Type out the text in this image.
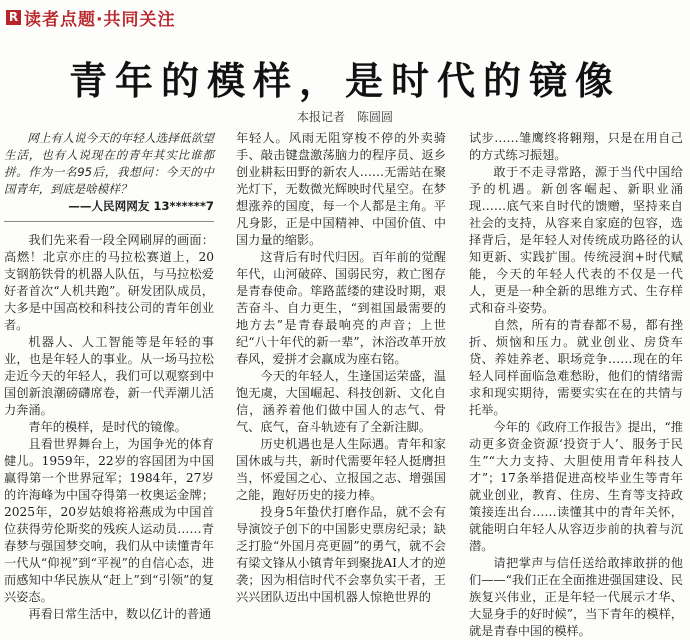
R 读者点题·共同关注
青年的模样，是时代的镜像
本报记者　陈圆圆
网上有人说今天的年轻人选择低欲望生活，也有人说现在的青年其实比谁都拼。作为一名95后，我想问：今天的中国青年，到底是啥模样？
——人民网网友 13******7

我们先来看一段全网刷屏的画面：高燃！北京亦庄的马拉松赛道上，20支钢筋铁骨的机器人队伍，与马拉松爱好者首次“人机共跑”。研发团队成员，大多是中国高校和科技公司的青年创业者。

机器人、人工智能等是年轻的事业，也是年轻人的事业。从一场马拉松走近今天的年轻人，我们可以观察到中国创新浪潮磅礴席卷，新一代弄潮儿活力奔涌。

青年的模样，是时代的镜像。

且看世界舞台上，为国争光的体育健儿。1959年，22岁的容国团为中国赢得第一个世界冠军；1984年，27岁的许海峰为中国夺得第一枚奥运金牌；2025年，20岁姑娘将裕燕成为中国首位获得劳伦斯奖的残疾人运动员……青春梦与强国梦交响，我们从中读懂青年一代从“仰视”到“平视”的自信心态，进而感知中华民族从“赶上”到“引领”的复兴姿态。

再看日常生活中，数以亿计的普通

年轻人。风雨无阻穿梭不停的外卖骑手、敲击键盘激荡脑力的程序员、返乡创业耕耘田野的新农人……无需站在聚光灯下，无数微光辉映时代星空。在梦想涨养的国度，每一个人都是主角。平凡身影，正是中国精神、中国价值、中国力量的缩影。

这背后有时代归因。百年前的觉醒年代，山河破碎、国弱民穷，救亡图存是青春使命。筚路蓝缕的建设时期，艰苦奋斗、自力更生，“到祖国最需要的地方去”是青春最响亮的声音；上世纪“八十年代的新一辈”，沐浴改革开放春风，爱拼才会赢成为座右铭。

今天的年轻人，生逢国运荣盛，温饱无虞，大国崛起、科技创新、文化自信，涵养着他们做中国人的志气、骨气、底气，奋斗轨迹有了全新注脚。

历史机遇也是人生际遇。青年和家国休戚与共，新时代需要年轻人挺膺担当，怀爱国之心、立报国之志、增强国之能，跑好历史的接力棒。

投身5年蛰伏打磨作品，就不会有导演饺子创下的中国影史票房纪录；缺乏打脸“外国月亮更圆”的勇气，就不会有梁文锋从小镇青年到聚拢AI人才的逆袭；因为相信时代不会辜负实干者，王兴兴团队迈出中国机器人惊艳世界的

试步……雏鹰终将翱翔，只是在用自己的方式练习振翅。

敢于不走寻常路，源于当代中国给予的机遇。新创客崛起、新职业涌现……底气来自时代的馈赠，坚持来自社会的支持，从容来自家庭的包容，选择背后，是年轻人对传统成功路径的认知更新、实践扩围。传统浸润+时代赋能，今天的年轻人代表的不仅是一代人，更是一种全新的思维方式、生存样式和奋斗姿势。

自然，所有的青春都不易，都有挫折、烦恼和压力。就业创业、房贷车贷、养娃养老、职场竞争……现在的年轻人同样面临急难愁盼，他们的情绪需求和现实期待，需要实实在在的共情与托举。

今年的《政府工作报告》提出，“推动更多资金资源‘投资于人’、服务于民生”“大力支持、大胆使用青年科技人才”；17条举措促进高校毕业生等青年就业创业，教育、住房、生育等支持政策接连出台……读懂其中的青年关怀，就能明白年轻人从容迈步前的执着与沉潜。

请把掌声与信任送给敢摔敢拼的他们——“我们正在全面推进强国建设、民族复兴伟业，正是年轻一代展示才华、大显身手的好时候”，当下青年的模样，就是青春中国的模样。
